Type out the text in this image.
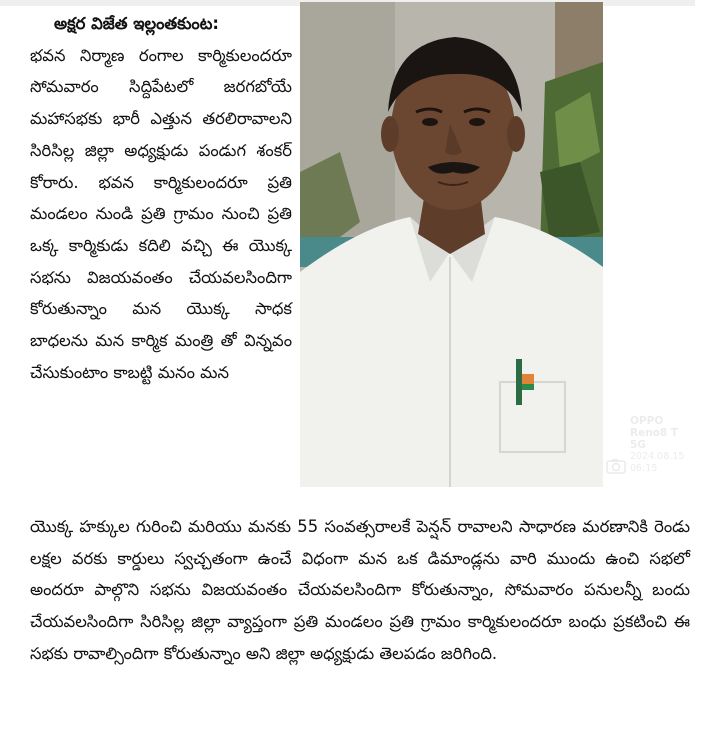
అక్షర విజేత ఇల్లంతకుంట:
భవన నిర్మాణ రంగాల కార్మికులందరూ సోమవారం సిద్దిపేటలో జరగబోయే మహాసభకు భారీ ఎత్తున తరలిరావాలని సిరిసిల్ల జిల్లా అధ్యక్షుడు పండుగ శంకర్ కోరారు. భవన కార్మికులందరూ ప్రతి మండలం నుండి ప్రతి గ్రామం నుంచి ప్రతి ఒక్క కార్మికుడు కదిలి వచ్చి ఈ యొక్క సభను విజయవంతం చేయవలసిందిగా కోరుతున్నాం మన యొక్క సాధక బాధలను మన కార్మిక మంత్రి తో విన్నవం చేసుకుంటాం కాబట్టి మనం మన

OPPO Reno8 T 5G
2024.08.15 06:15

యొక్క హక్కుల గురించి మరియు మనకు 55 సంవత్సరాలకే పెన్షన్ రావాలని సాధారణ మరణానికి రెండు లక్షల వరకు కార్డులు స్వచ్చతంగా ఉంచే విధంగా మన ఒక డిమాండ్లను వారి ముందు ఉంచి సభలో అందరూ పాల్గొని సభను విజయవంతం చేయవలసిందిగా కోరుతున్నాం, సోమవారం పనులన్నీ బందు చేయవలసిందిగా సిరిసిల్ల జిల్లా వ్యాప్తంగా ప్రతి మండలం ప్రతి గ్రామం కార్మికులందరూ బంధు ప్రకటించి ఈ సభకు రావాల్సిందిగా కోరుతున్నాం అని జిల్లా అధ్యక్షుడు తెలపడం జరిగింది.
